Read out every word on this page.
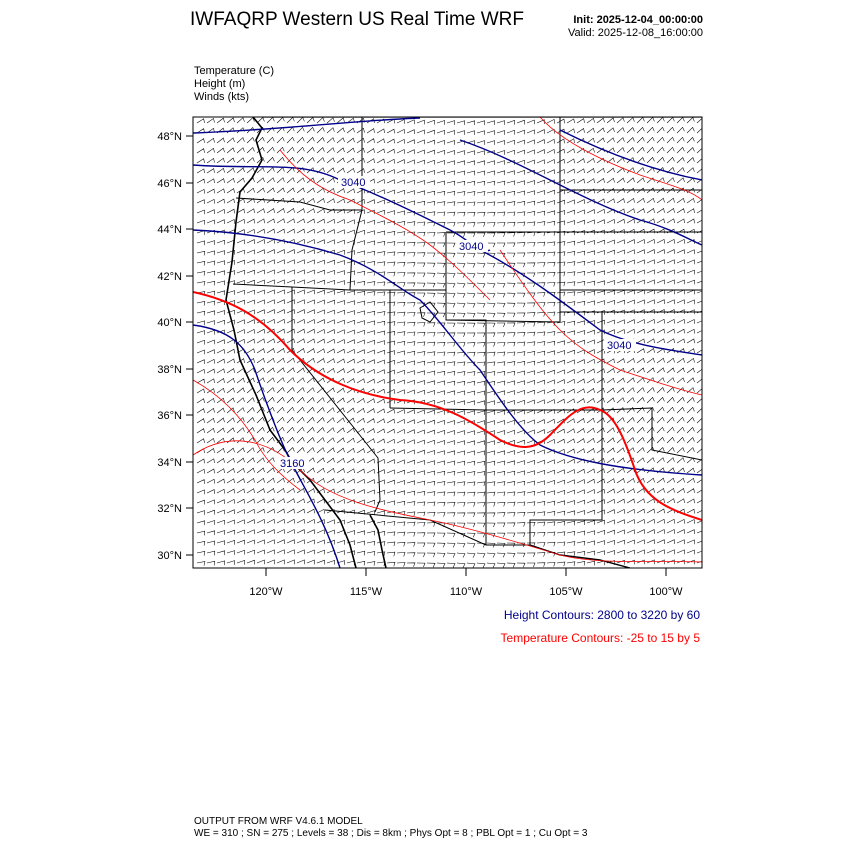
IWFAQRP Western US Real Time WRF	Init: 2025-12-04_00:00:00
Valid: 2025-12-08_16:00:00
Temperature (C)
Height (m)
Winds (kts)
3040
3040
3040
3160
48°N
46°N
44°N
42°N
40°N
38°N
36°N
34°N
32°N
30°N
120°W	115°W	110°W	105°W	100°W
Height Contours: 2800 to 3220 by 60
Temperature Contours: -25 to 15 by 5
OUTPUT FROM WRF V4.6.1 MODEL
WE = 310 ; SN = 275 ; Levels = 38 ; Dis = 8km ; Phys Opt = 8 ; PBL Opt = 1 ; Cu Opt = 3
